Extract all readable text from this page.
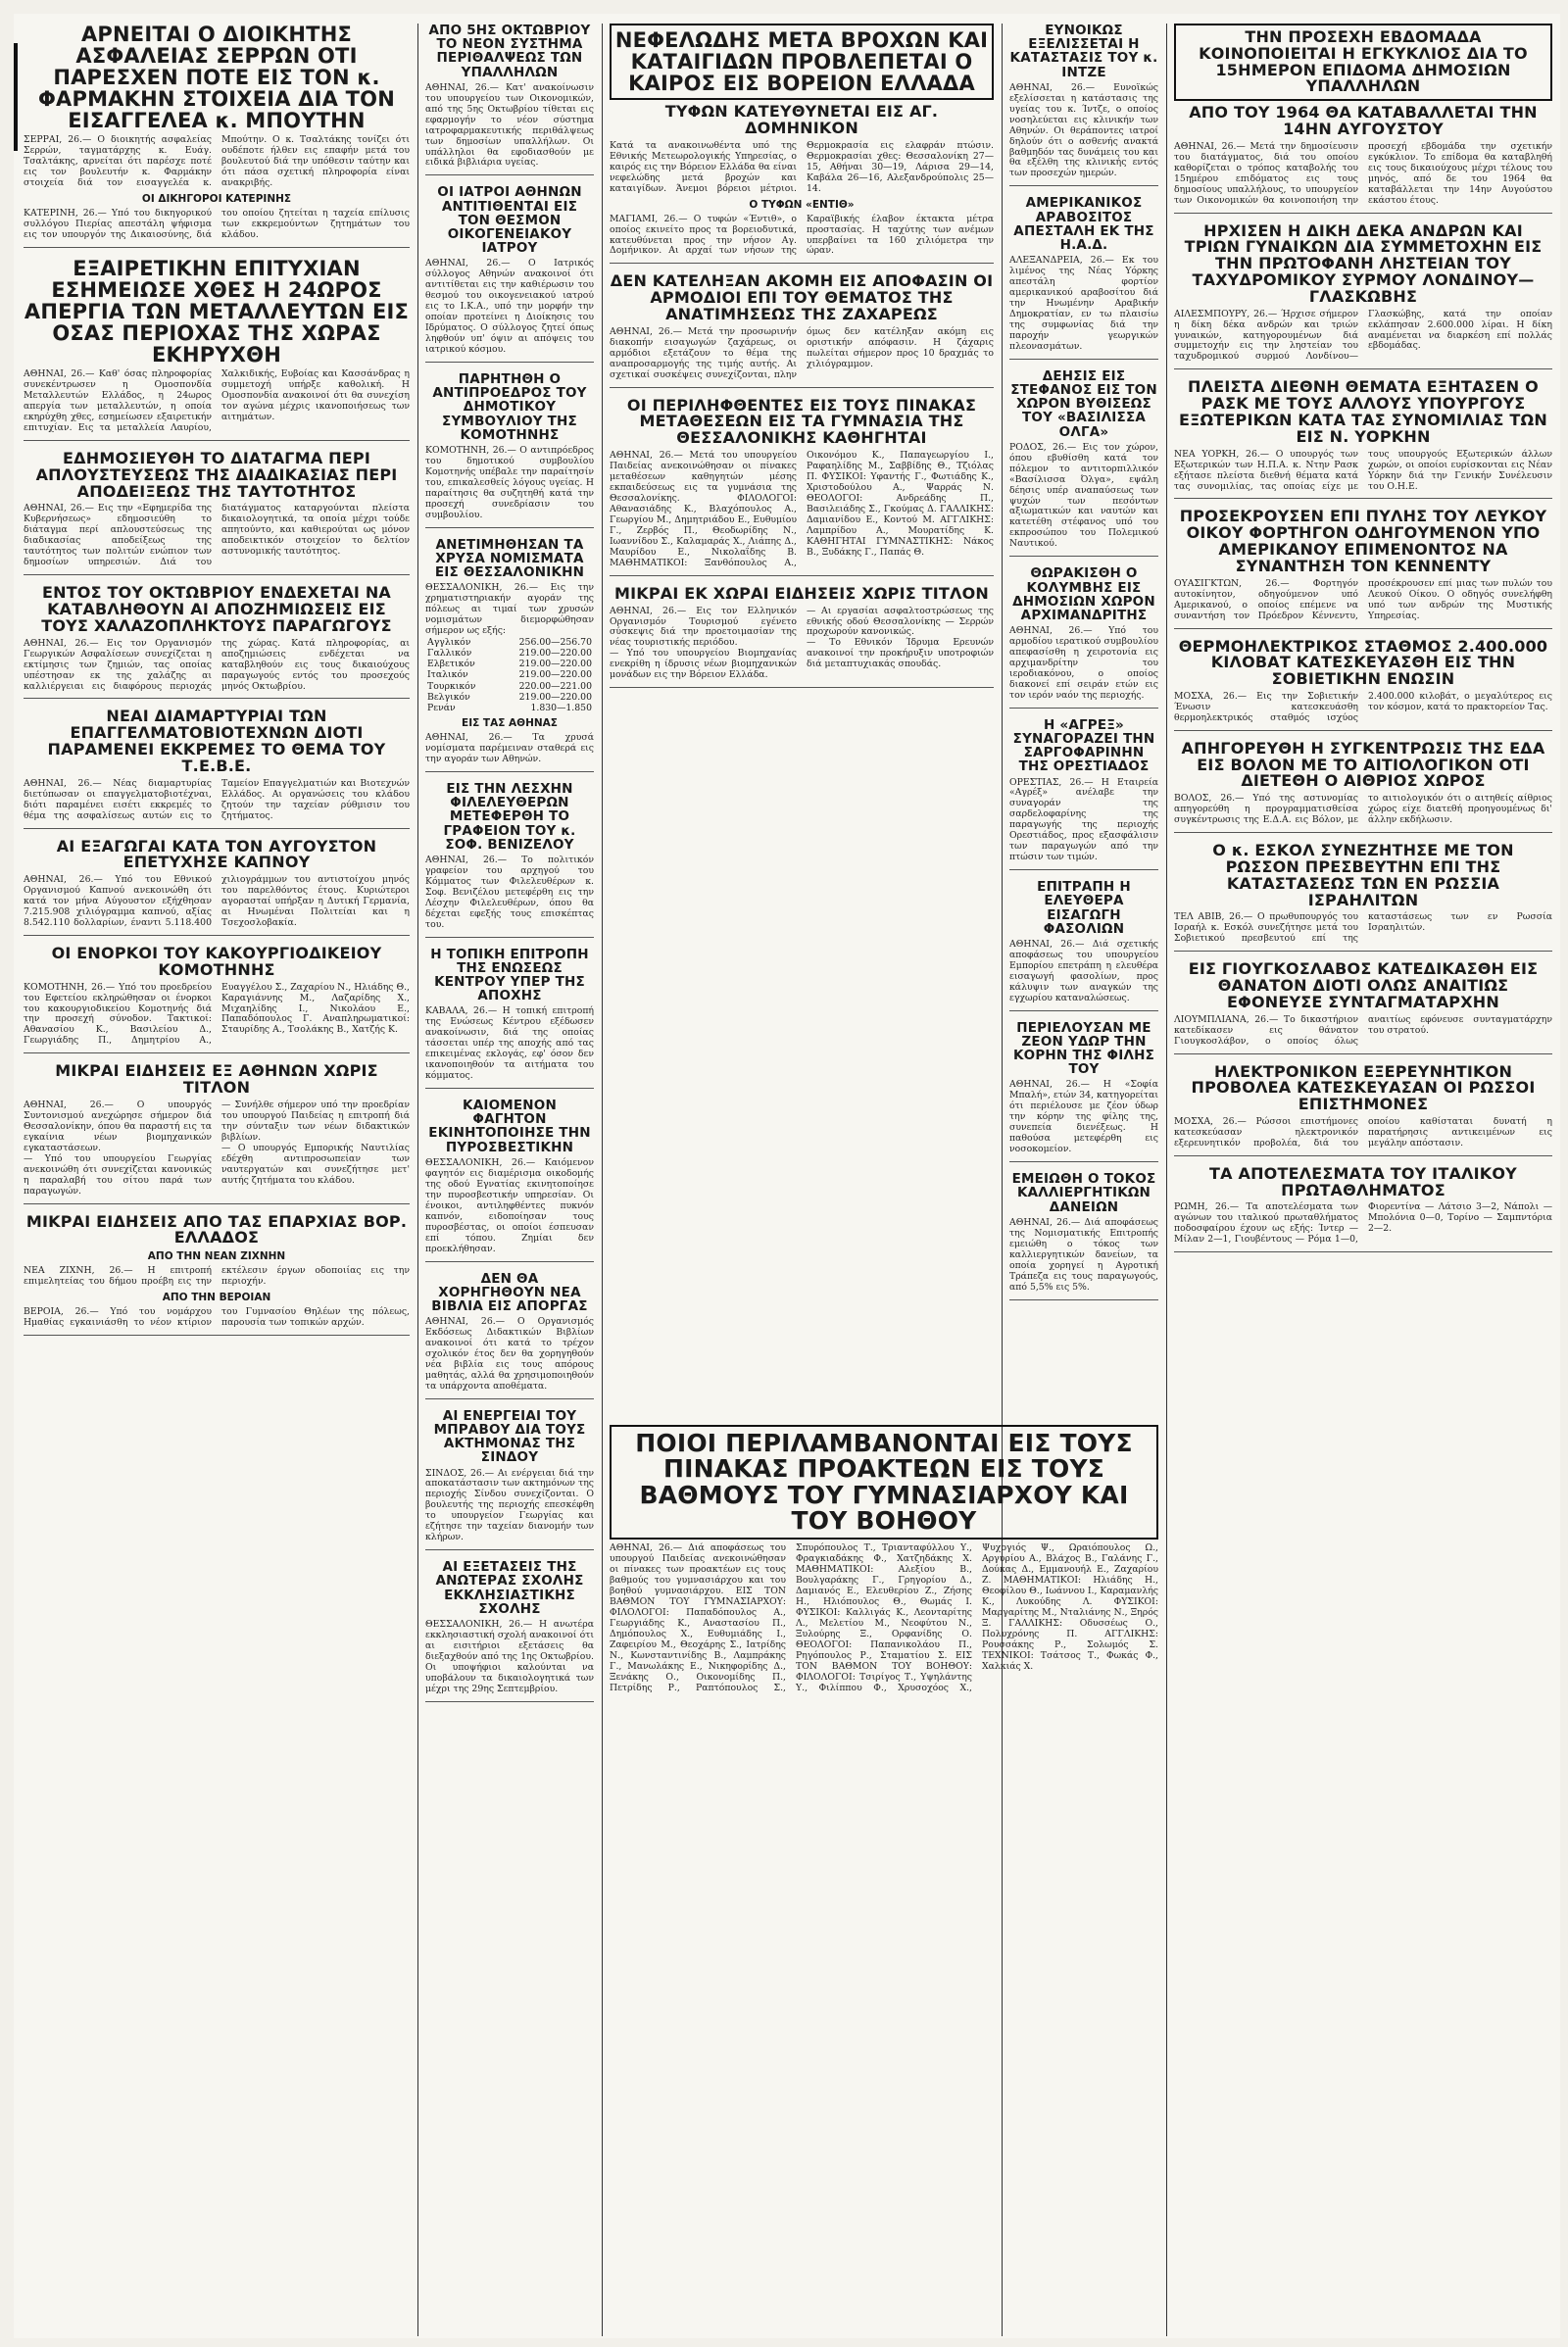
ΑΡΝΕΙΤΑΙ Ο ΔΙΟΙΚΗΤΗΣ ΑΣΦΑΛΕΙΑΣ ΣΕΡΡΩΝ ΟΤΙ ΠΑΡΕΣΧΕΝ ΠΟΤΕ ΕΙΣ ΤΟΝ κ. ΦΑΡΜΑΚΗΝ ΣΤΟΙΧΕΙΑ ΔΙΑ ΤΟΝ ΕΙΣΑΓΓΕΛΕΑ κ. ΜΠΟΥΤΗΝ

ΣΕΡΡΑΙ, 26.— Ο διοικητής ασφαλείας Σερρών, ταγματάρχης κ. Ευάγ. Τσαλτάκης, αρνείται ότι παρέσχε ποτέ εις τον βουλευτήν κ. Φαρμάκην στοιχεία διά τον εισαγγελέα κ. Μπούτην. Ο κ. Τσαλτάκης τονίζει ότι ουδέποτε ήλθεν εις επαφήν μετά του βουλευτού διά την υπόθεσιν ταύτην και ότι πάσα σχετική πληροφορία είναι ανακριβής.

ΟΙ ΔΙΚΗΓΟΡΟΙ ΚΑΤΕΡΙΝΗΣ

ΚΑΤΕΡΙΝΗ, 26.— Υπό του δικηγορικού συλλόγου Πιερίας απεστάλη ψήφισμα εις τον υπουργόν της Δικαιοσύνης, διά του οποίου ζητείται η ταχεία επίλυσις των εκκρεμούντων ζητημάτων του κλάδου.

ΕΞΑΙΡΕΤΙΚΗΝ ΕΠΙΤΥΧΙΑΝ ΕΣΗΜΕΙΩΣΕ ΧΘΕΣ Η 24ΩΡΟΣ ΑΠΕΡΓΙΑ ΤΩΝ ΜΕΤΑΛΛΕΥΤΩΝ ΕΙΣ ΟΣΑΣ ΠΕΡΙΟΧΑΣ ΤΗΣ ΧΩΡΑΣ ΕΚΗΡΥΧΘΗ

ΑΘΗΝΑΙ, 26.— Καθ' όσας πληροφορίας συνεκέντρωσεν η Ομοσπονδία Μεταλλευτών Ελλάδος, η 24ωρος απεργία των μεταλλευτών, η οποία εκηρύχθη χθες, εσημείωσεν εξαιρετικήν επιτυχίαν. Εις τα μεταλλεία Λαυρίου, Χαλκιδικής, Ευβοίας και Κασσάνδρας η συμμετοχή υπήρξε καθολική. Η Ομοσπονδία ανακοινοί ότι θα συνεχίση τον αγώνα μέχρις ικανοποιήσεως των αιτημάτων.

ΕΔΗΜΟΣΙΕΥΘΗ ΤΟ ΔΙΑΤΑΓΜΑ ΠΕΡΙ ΑΠΛΟΥΣΤΕΥΣΕΩΣ ΤΗΣ ΔΙΑΔΙΚΑΣΙΑΣ ΠΕΡΙ ΑΠΟΔΕΙΞΕΩΣ ΤΗΣ ΤΑΥΤΟΤΗΤΟΣ

ΑΘΗΝΑΙ, 26.— Εις την «Εφημερίδα της Κυβερνήσεως» εδημοσιεύθη το διάταγμα περί απλουστεύσεως της διαδικασίας αποδείξεως της ταυτότητος των πολιτών ενώπιον των δημοσίων υπηρεσιών. Διά του διατάγματος καταργούνται πλείστα δικαιολογητικά, τα οποία μέχρι τούδε απητούντο, και καθιερούται ως μόνον αποδεικτικόν στοιχείον το δελτίον αστυνομικής ταυτότητος.

ΕΝΤΟΣ ΤΟΥ ΟΚΤΩΒΡΙΟΥ ΕΝΔΕΧΕΤΑΙ ΝΑ ΚΑΤΑΒΛΗΘΟΥΝ ΑΙ ΑΠΟΖΗΜΙΩΣΕΙΣ ΕΙΣ ΤΟΥΣ ΧΑΛΑΖΟΠΛΗΚΤΟΥΣ ΠΑΡΑΓΩΓΟΥΣ

ΑΘΗΝΑΙ, 26.— Εις τον Οργανισμόν Γεωργικών Ασφαλίσεων συνεχίζεται η εκτίμησις των ζημιών, τας οποίας υπέστησαν εκ της χαλάζης αι καλλιέργειαι εις διαφόρους περιοχάς της χώρας. Κατά πληροφορίας, αι αποζημιώσεις ενδέχεται να καταβληθούν εις τους δικαιούχους παραγωγούς εντός του προσεχούς μηνός Οκτωβρίου.

ΝΕΑΙ ΔΙΑΜΑΡΤΥΡΙΑΙ ΤΩΝ ΕΠΑΓΓΕΛΜΑΤΟΒΙΟΤΕΧΝΩΝ ΔΙΟΤΙ ΠΑΡΑΜΕΝΕΙ ΕΚΚΡΕΜΕΣ ΤΟ ΘΕΜΑ ΤΟΥ Τ.Ε.Β.Ε.

ΑΘΗΝΑΙ, 26.— Νέας διαμαρτυρίας διετύπωσαν οι επαγγελματοβιοτέχναι, διότι παραμένει εισέτι εκκρεμές το θέμα της ασφαλίσεως αυτών εις το Ταμείον Επαγγελματιών και Βιοτεχνών Ελλάδος. Αι οργανώσεις του κλάδου ζητούν την ταχείαν ρύθμισιν του ζητήματος.

ΑΙ ΕΞΑΓΩΓΑΙ ΚΑΤΑ ΤΟΝ ΑΥΓΟΥΣΤΟΝ ΕΠΕΤΥΧΗΣΕ ΚΑΠΝΟΥ

ΑΘΗΝΑΙ, 26.— Υπό του Εθνικού Οργανισμού Καπνού ανεκοινώθη ότι κατά τον μήνα Αύγουστον εξήχθησαν 7.215.908 χιλιόγραμμα καπνού, αξίας 8.542.110 δολλαρίων, έναντι 5.118.400 χιλιογράμμων του αντιστοίχου μηνός του παρελθόντος έτους. Κυριώτεροι αγορασταί υπήρξαν η Δυτική Γερμανία, αι Ηνωμέναι Πολιτείαι και η Τσεχοσλοβακία.

ΟΙ ΕΝΟΡΚΟΙ ΤΟΥ ΚΑΚΟΥΡΓΙΟΔΙΚΕΙΟΥ ΚΟΜΟΤΗΝΗΣ

ΚΟΜΟΤΗΝΗ, 26.— Υπό του προεδρείου του Εφετείου εκληρώθησαν οι ένορκοι του κακουργιοδικείου Κομοτηνής διά την προσεχή σύνοδον. Τακτικοί: Αθανασίου Κ., Βασιλείου Δ., Γεωργιάδης Π., Δημητρίου Α., Ευαγγέλου Σ., Ζαχαρίου Ν., Ηλιάδης Θ., Καραγιάννης Μ., Λαζαρίδης Χ., Μιχαηλίδης Ι., Νικολάου Ε., Παπαδόπουλος Γ. Αναπληρωματικοί: Σταυρίδης Α., Τσολάκης Β., Χατζής Κ.

ΜΙΚΡΑΙ ΕΙΔΗΣΕΙΣ ΕΞ ΑΘΗΝΩΝ ΧΩΡΙΣ ΤΙΤΛΟΝ

ΑΘΗΝΑΙ, 26.— Ο υπουργός Συντονισμού ανεχώρησε σήμερον διά Θεσσαλονίκην, όπου θα παραστή εις τα εγκαίνια νέων βιομηχανικών εγκαταστάσεων.
— Υπό του υπουργείου Γεωργίας ανεκοινώθη ότι συνεχίζεται κανονικώς η παραλαβή του σίτου παρά των παραγωγών.
— Συνήλθε σήμερον υπό την προεδρίαν του υπουργού Παιδείας η επιτροπή διά την σύνταξιν των νέων διδακτικών βιβλίων.
— Ο υπουργός Εμπορικής Ναυτιλίας εδέχθη αντιπροσωπείαν των ναυτεργατών και συνεζήτησε μετ' αυτής ζητήματα του κλάδου.

ΜΙΚΡΑΙ ΕΙΔΗΣΕΙΣ ΑΠΟ ΤΑΣ ΕΠΑΡΧΙΑΣ ΒΟΡ. ΕΛΛΑΔΟΣ
ΑΠΟ ΤΗΝ ΝΕΑΝ ΖΙΧΝΗΝ

ΝΕΑ ΖΙΧΝΗ, 26.— Η επιτροπή επιμελητείας του δήμου προέβη εις την εκτέλεσιν έργων οδοποιίας εις την περιοχήν.

ΑΠΟ ΤΗΝ ΒΕΡΟΙΑΝ

ΒΕΡΟΙΑ, 26.— Υπό του νομάρχου Ημαθίας εγκαινιάσθη το νέον κτίριον του Γυμνασίου Θηλέων της πόλεως, παρουσία των τοπικών αρχών.

ΑΠΟ 5ΗΣ ΟΚΤΩΒΡΙΟΥ ΤΟ ΝΕΟΝ ΣΥΣΤΗΜΑ ΠΕΡΙΘΑΛΨΕΩΣ ΤΩΝ ΥΠΑΛΛΗΛΩΝ

ΑΘΗΝΑΙ, 26.— Κατ' ανακοίνωσιν του υπουργείου των Οικονομικών, από της 5ης Οκτωβρίου τίθεται εις εφαρμογήν το νέον σύστημα ιατροφαρμακευτικής περιθάλψεως των δημοσίων υπαλλήλων. Οι υπάλληλοι θα εφοδιασθούν με ειδικά βιβλιάρια υγείας.

ΟΙ ΙΑΤΡΟΙ ΑΘΗΝΩΝ ΑΝΤΙΤΙΘΕΝΤΑΙ ΕΙΣ ΤΟΝ ΘΕΣΜΟΝ ΟΙΚΟΓΕΝΕΙΑΚΟΥ ΙΑΤΡΟΥ

ΑΘΗΝΑΙ, 26.— Ο Ιατρικός σύλλογος Αθηνών ανακοινοί ότι αντιτίθεται εις την καθιέρωσιν του θεσμού του οικογενειακού ιατρού εις το Ι.Κ.Α., υπό την μορφήν την οποίαν προτείνει η Διοίκησις του Ιδρύματος. Ο σύλλογος ζητεί όπως ληφθούν υπ' όψιν αι απόψεις του ιατρικού κόσμου.

ΠΑΡΗΤΗΘΗ Ο ΑΝΤΙΠΡΟΕΔΡΟΣ ΤΟΥ ΔΗΜΟΤΙΚΟΥ ΣΥΜΒΟΥΛΙΟΥ ΤΗΣ ΚΟΜΟΤΗΝΗΣ

ΚΟΜΟΤΗΝΗ, 26.— Ο αντιπρόεδρος του δημοτικού συμβουλίου Κομοτηνής υπέβαλε την παραίτησίν του, επικαλεσθείς λόγους υγείας. Η παραίτησις θα συζητηθή κατά την προσεχή συνεδρίασιν του συμβουλίου.

ΑΝΕΤΙΜΗΘΗΣΑΝ ΤΑ ΧΡΥΣΑ ΝΟΜΙΣΜΑΤΑ ΕΙΣ ΘΕΣΣΑΛΟΝΙΚΗΝ

ΘΕΣΣΑΛΟΝΙΚΗ, 26.— Εις την χρηματιστηριακήν αγοράν της πόλεως αι τιμαί των χρυσών νομισμάτων διεμορφώθησαν σήμερον ως εξής:

Αγγλικόν	256.00—256.70
Γαλλικόν	219.00—220.00
Ελβετικόν	219.00—220.00
Ιταλικόν	219.00—220.00
Τουρκικόν	220.00—221.00
Βελγικόν	219.00—220.00
Ρενάν	1.830—1.850
ΕΙΣ ΤΑΣ ΑΘΗΝΑΣ

ΑΘΗΝΑΙ, 26.— Τα χρυσά νομίσματα παρέμειναν σταθερά εις την αγοράν των Αθηνών.

ΕΙΣ ΤΗΝ ΛΕΣΧΗΝ ΦΙΛΕΛΕΥΘΕΡΩΝ ΜΕΤΕΦΕΡΘΗ ΤΟ ΓΡΑΦΕΙΟΝ ΤΟΥ κ. ΣΟΦ. ΒΕΝΙΖΕΛΟΥ

ΑΘΗΝΑΙ, 26.— Το πολιτικόν γραφείον του αρχηγού του Κόμματος των Φιλελευθέρων κ. Σοφ. Βενιζέλου μετεφέρθη εις την Λέσχην Φιλελευθέρων, όπου θα δέχεται εφεξής τους επισκέπτας του.

Η ΤΟΠΙΚΗ ΕΠΙΤΡΟΠΗ ΤΗΣ ΕΝΩΣΕΩΣ ΚΕΝΤΡΟΥ ΥΠΕΡ ΤΗΣ ΑΠΟΧΗΣ

ΚΑΒΑΛΑ, 26.— Η τοπική επιτροπή της Ενώσεως Κέντρου εξέδωσεν ανακοίνωσιν, διά της οποίας τάσσεται υπέρ της αποχής από τας επικειμένας εκλογάς, εφ' όσον δεν ικανοποιηθούν τα αιτήματα του κόμματος.

ΚΑΙΟΜΕΝΟΝ ΦΑΓΗΤΟΝ ΕΚΙΝΗΤΟΠΟΙΗΣΕ ΤΗΝ ΠΥΡΟΣΒΕΣΤΙΚΗΝ

ΘΕΣΣΑΛΟΝΙΚΗ, 26.— Καιόμενον φαγητόν εις διαμέρισμα οικοδομής της οδού Εγνατίας εκινητοποίησε την πυροσβεστικήν υπηρεσίαν. Οι ένοικοι, αντιληφθέντες πυκνόν καπνόν, ειδοποίησαν τους πυροσβέστας, οι οποίοι έσπευσαν επί τόπου. Ζημίαι δεν προεκλήθησαν.

ΔΕΝ ΘΑ ΧΟΡΗΓΗΘΟΥΝ ΝΕΑ ΒΙΒΛΙΑ ΕΙΣ ΑΠΟΡΓΑΣ

ΑΘΗΝΑΙ, 26.— Ο Οργανισμός Εκδόσεως Διδακτικών Βιβλίων ανακοινοί ότι κατά το τρέχον σχολικόν έτος δεν θα χορηγηθούν νέα βιβλία εις τους απόρους μαθητάς, αλλά θα χρησιμοποιηθούν τα υπάρχοντα αποθέματα.

ΑΙ ΕΝΕΡΓΕΙΑΙ ΤΟΥ ΜΠΡΑΒΟΥ ΔΙΑ ΤΟΥΣ ΑΚΤΗΜΟΝΑΣ ΤΗΣ ΣΙΝΔΟΥ

ΣΙΝΔΟΣ, 26.— Αι ενέργειαι διά την αποκατάστασιν των ακτημόνων της περιοχής Σίνδου συνεχίζονται. Ο βουλευτής της περιοχής επεσκέφθη το υπουργείον Γεωργίας και εζήτησε την ταχείαν διανομήν των κλήρων.

ΑΙ ΕΞΕΤΑΣΕΙΣ ΤΗΣ ΑΝΩΤΕΡΑΣ ΣΧΟΛΗΣ ΕΚΚΛΗΣΙΑΣΤΙΚΗΣ ΣΧΟΛΗΣ

ΘΕΣΣΑΛΟΝΙΚΗ, 26.— Η ανωτέρα εκκλησιαστική σχολή ανακοινοί ότι αι εισιτήριοι εξετάσεις θα διεξαχθούν από της 1ης Οκτωβρίου. Οι υποψήφιοι καλούνται να υποβάλουν τα δικαιολογητικά των μέχρι της 29ης Σεπτεμβρίου.

ΝΕΦΕΛΩΔΗΣ ΜΕΤΑ ΒΡΟΧΩΝ ΚΑΙ ΚΑΤΑΙΓΙΔΩΝ ΠΡΟΒΛΕΠΕΤΑΙ Ο ΚΑΙΡΟΣ ΕΙΣ ΒΟΡΕΙΟΝ ΕΛΛΑΔΑ
ΤΥΦΩΝ ΚΑΤΕΥΘΥΝΕΤΑΙ ΕΙΣ ΑΓ. ΔΟΜΗΝΙΚΟΝ

Κατά τα ανακοινωθέντα υπό της Εθνικής Μετεωρολογικής Υπηρεσίας, ο καιρός εις την Βόρειον Ελλάδα θα είναι νεφελώδης μετά βροχών και καταιγίδων. Άνεμοι βόρειοι μέτριοι. Θερμοκρασία εις ελαφράν πτώσιν. Θερμοκρασίαι χθες: Θεσσαλονίκη 27—15, Αθήναι 30—19, Λάρισα 29—14, Καβάλα 26—16, Αλεξανδρούπολις 25—14.

Ο ΤΥΦΩΝ «ΕΝΤΙΘ»

ΜΑΓΙΑΜΙ, 26.— Ο τυφών «Έντιθ», ο οποίος εκινείτο προς τα βορειοδυτικά, κατευθύνεται προς την νήσον Αγ. Δομήνικον. Αι αρχαί των νήσων της Καραϊβικής έλαβον έκτακτα μέτρα προστασίας. Η ταχύτης των ανέμων υπερβαίνει τα 160 χιλιόμετρα την ώραν.

ΔΕΝ ΚΑΤΕΛΗΞΑΝ ΑΚΟΜΗ ΕΙΣ ΑΠΟΦΑΣΙΝ ΟΙ ΑΡΜΟΔΙΟΙ ΕΠΙ ΤΟΥ ΘΕΜΑΤΟΣ ΤΗΣ ΑΝΑΤΙΜΗΣΕΩΣ ΤΗΣ ΖΑΧΑΡΕΩΣ

ΑΘΗΝΑΙ, 26.— Μετά την προσωρινήν διακοπήν εισαγωγών ζαχάρεως, οι αρμόδιοι εξετάζουν το θέμα της αναπροσαρμογής της τιμής αυτής. Αι σχετικαί συσκέψεις συνεχίζονται, πλην όμως δεν κατέληξαν ακόμη εις οριστικήν απόφασιν. Η ζάχαρις πωλείται σήμερον προς 10 δραχμάς το χιλιόγραμμον.

ΟΙ ΠΕΡΙΛΗΦΘΕΝΤΕΣ ΕΙΣ ΤΟΥΣ ΠΙΝΑΚΑΣ ΜΕΤΑΘΕΣΕΩΝ ΕΙΣ ΤΑ ΓΥΜΝΑΣΙΑ ΤΗΣ ΘΕΣΣΑΛΟΝΙΚΗΣ ΚΑΘΗΓΗΤΑΙ

ΑΘΗΝΑΙ, 26.— Μετά του υπουργείου Παιδείας ανεκοινώθησαν οι πίνακες μεταθέσεων καθηγητών μέσης εκπαιδεύσεως εις τα γυμνάσια της Θεσσαλονίκης. ΦΙΛΟΛΟΓΟΙ: Αθανασιάδης Κ., Βλαχόπουλος Α., Γεωργίου Μ., Δημητριάδου Ε., Ευθυμίου Γ., Ζερβός Π., Θεοδωρίδης Ν., Ιωαννίδου Σ., Καλαμαράς Χ., Λιάπης Δ., Μαυρίδου Ε., Νικολαΐδης Β. ΜΑΘΗΜΑΤΙΚΟΙ: Ξανθόπουλος Α., Οικονόμου Κ., Παπαγεωργίου Ι., Ραφαηλίδης Μ., Σαββίδης Θ., Τζιόλας Π. ΦΥΣΙΚΟΙ: Υφαντής Γ., Φωτιάδης Κ., Χριστοδούλου Α., Ψαρράς Ν. ΘΕΟΛΟΓΟΙ: Ανδρεάδης Π., Βασιλειάδης Σ., Γκούμας Δ. ΓΑΛΛΙΚΗΣ: Δαμιανίδου Ε., Κοντού Μ. ΑΓΓΛΙΚΗΣ: Λαμπρίδου Α., Μουρατίδης Κ. ΚΑΘΗΓΗΤΑΙ ΓΥΜΝΑΣΤΙΚΗΣ: Νάκος Β., Ξυδάκης Γ., Παπάς Θ.

ΜΙΚΡΑΙ ΕΚ ΧΩΡΑΙ ΕΙΔΗΣΕΙΣ ΧΩΡΙΣ ΤΙΤΛΟΝ

ΑΘΗΝΑΙ, 26.— Εις τον Ελληνικόν Οργανισμόν Τουρισμού εγένετο σύσκεψις διά την προετοιμασίαν της νέας τουριστικής περιόδου.
— Υπό του υπουργείου Βιομηχανίας ενεκρίθη η ίδρυσις νέων βιομηχανικών μονάδων εις την Βόρειον Ελλάδα.
— Αι εργασίαι ασφαλτοστρώσεως της εθνικής οδού Θεσσαλονίκης — Σερρών προχωρούν κανονικώς.
— Το Εθνικόν Ίδρυμα Ερευνών ανακοινοί την προκήρυξιν υποτροφιών διά μεταπτυχιακάς σπουδάς.

ΕΥΝΟΙΚΩΣ ΕΞΕΛΙΣΣΕΤΑΙ Η ΚΑΤΑΣΤΑΣΙΣ ΤΟΥ κ. ΙΝΤΖΕ

ΑΘΗΝΑΙ, 26.— Ευνοϊκώς εξελίσσεται η κατάστασις της υγείας του κ. Ίντζε, ο οποίος νοσηλεύεται εις κλινικήν των Αθηνών. Οι θεράποντες ιατροί δηλούν ότι ο ασθενής ανακτά βαθμηδόν τας δυνάμεις του και θα εξέλθη της κλινικής εντός των προσεχών ημερών.

ΑΜΕΡΙΚΑΝΙΚΟΣ ΑΡΑΒΟΣΙΤΟΣ ΑΠΕΣΤΑΛΗ ΕΚ ΤΗΣ Η.Α.Δ.

ΑΛΕΞΑΝΔΡΕΙΑ, 26.— Εκ του λιμένος της Νέας Υόρκης απεστάλη φορτίον αμερικανικού αραβοσίτου διά την Ηνωμένην Αραβικήν Δημοκρατίαν, εν τω πλαισίω της συμφωνίας διά την παροχήν γεωργικών πλεονασμάτων.

ΔΕΗΣΙΣ ΕΙΣ ΣΤΕΦΑΝΟΣ ΕΙΣ ΤΟΝ ΧΩΡΟΝ ΒΥΘΙΣΕΩΣ ΤΟΥ «ΒΑΣΙΛΙΣΣΑ ΟΛΓΑ»

ΡΟΔΟΣ, 26.— Εις τον χώρον, όπου εβυθίσθη κατά τον πόλεμον το αντιτορπιλλικόν «Βασίλισσα Όλγα», εψάλη δέησις υπέρ αναπαύσεως των ψυχών των πεσόντων αξιωματικών και ναυτών και κατετέθη στέφανος υπό του εκπροσώπου του Πολεμικού Ναυτικού.

ΘΩΡΑΚΙΣΘΗ Ο ΚΟΛΥΜΒΗΣ ΕΙΣ ΔΗΜΟΣΙΩΝ ΧΩΡΟΝ ΑΡΧΙΜΑΝΔΡΙΤΗΣ

ΑΘΗΝΑΙ, 26.— Υπό του αρμοδίου ιερατικού συμβουλίου απεφασίσθη η χειροτονία εις αρχιμανδρίτην του ιεροδιακόνου, ο οποίος διακονεί επί σειράν ετών εις τον ιερόν ναόν της περιοχής.

Η «ΑΓΡΕΞ» ΣΥΝΑΓΟΡΑΖΕΙ ΤΗΝ ΣΑΡΓΟΦΑΡΙΝΗΝ ΤΗΣ ΟΡΕΣΤΙΑΔΟΣ

ΟΡΕΣΤΙΑΣ, 26.— Η Εταιρεία «Αγρέξ» ανέλαβε την συναγοράν της σαρδελοφαρίνης της παραγωγής της περιοχής Ορεστιάδος, προς εξασφάλισιν των παραγωγών από την πτώσιν των τιμών.

ΕΠΙΤΡΑΠΗ Η ΕΛΕΥΘΕΡΑ ΕΙΣΑΓΩΓΗ ΦΑΣΟΛΙΩΝ

ΑΘΗΝΑΙ, 26.— Διά σχετικής αποφάσεως του υπουργείου Εμπορίου επετράπη η ελευθέρα εισαγωγή φασολίων, προς κάλυψιν των αναγκών της εγχωρίου καταναλώσεως.

ΠΕΡΙΕΛΟΥΣΑΝ ΜΕ ΖΕΟΝ ΥΔΩΡ ΤΗΝ ΚΟΡΗΝ ΤΗΣ ΦΙΛΗΣ ΤΟΥ

ΑΘΗΝΑΙ, 26.— Η «Σοφία Μπαλή», ετών 34, κατηγορείται ότι περιέλουσε με ζέον ύδωρ την κόρην της φίλης της, συνεπεία διενέξεως. Η παθούσα μετεφέρθη εις νοσοκομείον.

ΕΜΕΙΩΘΗ Ο ΤΟΚΟΣ ΚΑΛΛΙΕΡΓΗΤΙΚΩΝ ΔΑΝΕΙΩΝ

ΑΘΗΝΑΙ, 26.— Διά αποφάσεως της Νομισματικής Επιτροπής εμειώθη ο τόκος των καλλιεργητικών δανείων, τα οποία χορηγεί η Αγροτική Τράπεζα εις τους παραγωγούς, από 5,5% εις 5%.

ΠΟΙΟΙ ΠΕΡΙΛΑΜΒΑΝΟΝΤΑΙ ΕΙΣ ΤΟΥΣ ΠΙΝΑΚΑΣ ΠΡΟΑΚΤΕΩΝ ΕΙΣ ΤΟΥΣ ΒΑΘΜΟΥΣ ΤΟΥ ΓΥΜΝΑΣΙΑΡΧΟΥ ΚΑΙ ΤΟΥ ΒΟΗΘΟΥ

ΑΘΗΝΑΙ, 26.— Διά αποφάσεως του υπουργού Παιδείας ανεκοινώθησαν οι πίνακες των προακτέων εις τους βαθμούς του γυμνασιάρχου και του βοηθού γυμνασιάρχου. ΕΙΣ ΤΟΝ ΒΑΘΜΟΝ ΤΟΥ ΓΥΜΝΑΣΙΑΡΧΟΥ: ΦΙΛΟΛΟΓΟΙ: Παπαδόπουλος Α., Γεωργιάδης Κ., Αναστασίου Π., Δημόπουλος Χ., Ευθυμιάδης Ι., Ζαφειρίου Μ., Θεοχάρης Σ., Ιατρίδης Ν., Κωνσταντινίδης Β., Λαμπράκης Γ., Μανωλάκης Ε., Νικηφορίδης Δ., Ξενάκης Ο., Οικονομίδης Π., Πετρίδης Ρ., Ραπτόπουλος Σ., Σπυρόπουλος Τ., Τριανταφύλλου Υ., Φραγκιαδάκης Φ., Χατζηδάκης Χ. ΜΑΘΗΜΑΤΙΚΟΙ: Αλεξίου Β., Βουλγαράκης Γ., Γρηγορίου Δ., Δαμιανός Ε., Ελευθερίου Ζ., Ζήσης Η., Ηλιόπουλος Θ., Θωμάς Ι. ΦΥΣΙΚΟΙ: Καλλιγάς Κ., Λεονταρίτης Λ., Μελετίου Μ., Νεοφύτου Ν., Ξυλούρης Ξ., Ορφανίδης Ο. ΘΕΟΛΟΓΟΙ: Παπανικολάου Π., Ρηγόπουλος Ρ., Σταματίου Σ. ΕΙΣ ΤΟΝ ΒΑΘΜΟΝ ΤΟΥ ΒΟΗΘΟΥ: ΦΙΛΟΛΟΓΟΙ: Τσιρίγος Τ., Υψηλάντης Υ., Φιλίππου Φ., Χρυσοχόος Χ., Ψυχογιός Ψ., Ωραιόπουλος Ω., Αργυρίου Α., Βλάχος Β., Γαλάνης Γ., Δούκας Δ., Εμμανουήλ Ε., Ζαχαρίου Ζ. ΜΑΘΗΜΑΤΙΚΟΙ: Ηλιάδης Η., Θεοφίλου Θ., Ιωάννου Ι., Καραμανλής Κ., Λυκούδης Λ. ΦΥΣΙΚΟΙ: Μαργαρίτης Μ., Νταλιάνης Ν., Ξηρός Ξ. ΓΑΛΛΙΚΗΣ: Οδυσσέως Ο., Πολυχρόνης Π. ΑΓΓΛΙΚΗΣ: Ρουσσάκης Ρ., Σολωμός Σ. ΤΕΧΝΙΚΟΙ: Τσάτσος Τ., Φωκάς Φ., Χαλκιάς Χ.

ΤΗΝ ΠΡΟΣΕΧΗ ΕΒΔΟΜΑΔΑ ΚΟΙΝΟΠΟΙΕΙΤΑΙ Η ΕΓΚΥΚΛΙΟΣ ΔΙΑ ΤΟ 15ΗΜΕΡΟΝ ΕΠΙΔΟΜΑ ΔΗΜΟΣΙΩΝ ΥΠΑΛΛΗΛΩΝ
ΑΠΟ ΤΟΥ 1964 ΘΑ ΚΑΤΑΒΑΛΛΕΤΑΙ ΤΗΝ 14ΗΝ ΑΥΓΟΥΣΤΟΥ

ΑΘΗΝΑΙ, 26.— Μετά την δημοσίευσιν του διατάγματος, διά του οποίου καθορίζεται ο τρόπος καταβολής του 15ημέρου επιδόματος εις τους δημοσίους υπαλλήλους, το υπουργείον των Οικονομικών θα κοινοποιήση την προσεχή εβδομάδα την σχετικήν εγκύκλιον. Το επίδομα θα καταβληθή εις τους δικαιούχους μέχρι τέλους του μηνός, από δε του 1964 θα καταβάλλεται την 14ην Αυγούστου εκάστου έτους.

ΗΡΧΙΣΕΝ Η ΔΙΚΗ ΔΕΚΑ ΑΝΔΡΩΝ ΚΑΙ ΤΡΙΩΝ ΓΥΝΑΙΚΩΝ ΔΙΑ ΣΥΜΜΕΤΟΧΗΝ ΕΙΣ ΤΗΝ ΠΡΩΤΟΦΑΝΗ ΛΗΣΤΕΙΑΝ ΤΟΥ ΤΑΧΥΔΡΟΜΙΚΟΥ ΣΥΡΜΟΥ ΛΟΝΔΙΝΟΥ—ΓΛΑΣΚΩΒΗΣ

ΑΙΛΕΣΜΠΟΥΡΥ, 26.— Ήρχισε σήμερον η δίκη δέκα ανδρών και τριών γυναικών, κατηγορουμένων διά συμμετοχήν εις την ληστείαν του ταχυδρομικού συρμού Λονδίνου—Γλασκώβης, κατά την οποίαν εκλάπησαν 2.600.000 λίραι. Η δίκη αναμένεται να διαρκέση επί πολλάς εβδομάδας.

ΠΛΕΙΣΤΑ ΔΙΕΘΝΗ ΘΕΜΑΤΑ ΕΞΗΤΑΣΕΝ Ο ΡΑΣΚ ΜΕ ΤΟΥΣ ΑΛΛΟΥΣ ΥΠΟΥΡΓΟΥΣ ΕΞΩΤΕΡΙΚΩΝ ΚΑΤΑ ΤΑΣ ΣΥΝΟΜΙΛΙΑΣ ΤΩΝ ΕΙΣ Ν. ΥΟΡΚΗΝ

ΝΕΑ ΥΟΡΚΗ, 26.— Ο υπουργός των Εξωτερικών των Η.Π.Α. κ. Ντην Ρασκ εξήτασε πλείστα διεθνή θέματα κατά τας συνομιλίας, τας οποίας είχε με τους υπουργούς Εξωτερικών άλλων χωρών, οι οποίοι ευρίσκονται εις Νέαν Υόρκην διά την Γενικήν Συνέλευσιν του Ο.Η.Ε.

ΠΡΟΣΕΚΡΟΥΣΕΝ ΕΠΙ ΠΥΛΗΣ ΤΟΥ ΛΕΥΚΟΥ ΟΙΚΟΥ ΦΟΡΤΗΓΟΝ ΟΔΗΓΟΥΜΕΝΟΝ ΥΠΟ ΑΜΕΡΙΚΑΝΟΥ ΕΠΙΜΕΝΟΝΤΟΣ ΝΑ ΣΥΝΑΝΤΗΣΗ ΤΟΝ ΚΕΝΝΕΝΤΥ

ΟΥΑΣΙΓΚΤΩΝ, 26.— Φορτηγόν αυτοκίνητον, οδηγούμενον υπό Αμερικανού, ο οποίος επέμενε να συναντήση τον Πρόεδρον Κέννεντυ, προσέκρουσεν επί μιας των πυλών του Λευκού Οίκου. Ο οδηγός συνελήφθη υπό των ανδρών της Μυστικής Υπηρεσίας.

ΘΕΡΜΟΗΛΕΚΤΡΙΚΟΣ ΣΤΑΘΜΟΣ 2.400.000 ΚΙΛΟΒΑΤ ΚΑΤΕΣΚΕΥΑΣΘΗ ΕΙΣ ΤΗΝ ΣΟΒΙΕΤΙΚΗΝ ΕΝΩΣΙΝ

ΜΟΣΧΑ, 26.— Εις την Σοβιετικήν Ένωσιν κατεσκευάσθη θερμοηλεκτρικός σταθμός ισχύος 2.400.000 κιλοβάτ, ο μεγαλύτερος εις τον κόσμον, κατά το πρακτορείον Τας.

ΑΠΗΓΟΡΕΥΘΗ Η ΣΥΓΚΕΝΤΡΩΣΙΣ ΤΗΣ ΕΔΑ ΕΙΣ ΒΟΛΟΝ ΜΕ ΤΟ ΑΙΤΙΟΛΟΓΙΚΟΝ ΟΤΙ ΔΙΕΤΕΘΗ Ο ΑΙΘΡΙΟΣ ΧΩΡΟΣ

ΒΟΛΟΣ, 26.— Υπό της αστυνομίας απηγορεύθη η προγραμματισθείσα συγκέντρωσις της Ε.Δ.Α. εις Βόλον, με το αιτιολογικόν ότι ο αιτηθείς αίθριος χώρος είχε διατεθή προηγουμένως δι' άλλην εκδήλωσιν.

Ο κ. ΕΣΚΟΛ ΣΥΝΕΖΗΤΗΣΕ ΜΕ ΤΟΝ ΡΩΣΣΟΝ ΠΡΕΣΒΕΥΤΗΝ ΕΠΙ ΤΗΣ ΚΑΤΑΣΤΑΣΕΩΣ ΤΩΝ ΕΝ ΡΩΣΣΙΑ ΙΣΡΑΗΛΙΤΩΝ

ΤΕΛ ΑΒΙΒ, 26.— Ο πρωθυπουργός του Ισραήλ κ. Εσκόλ συνεζήτησε μετά του Σοβιετικού πρεσβευτού επί της καταστάσεως των εν Ρωσσία Ισραηλιτών.

ΕΙΣ ΓΙΟΥΓΚΟΣΛΑΒΟΣ ΚΑΤΕΔΙΚΑΣΘΗ ΕΙΣ ΘΑΝΑΤΟΝ ΔΙΟΤΙ ΟΛΩΣ ΑΝΑΙΤΙΩΣ ΕΦΟΝΕΥΣΕ ΣΥΝΤΑΓΜΑΤΑΡΧΗΝ

ΛΙΟΥΜΠΛΙΑΝΑ, 26.— Το δικαστήριον κατεδίκασεν εις θάνατον Γιουγκοσλάβον, ο οποίος όλως αναιτίως εφόνευσε συνταγματάρχην του στρατού.

ΗΛΕΚΤΡΟΝΙΚΟΝ ΕΞΕΡΕΥΝΗΤΙΚΟΝ ΠΡΟΒΟΛΕΑ ΚΑΤΕΣΚΕΥΑΣΑΝ ΟΙ ΡΩΣΣΟΙ ΕΠΙΣΤΗΜΟΝΕΣ

ΜΟΣΧΑ, 26.— Ρώσσοι επιστήμονες κατεσκεύασαν ηλεκτρονικόν εξερευνητικόν προβολέα, διά του οποίου καθίσταται δυνατή η παρατήρησις αντικειμένων εις μεγάλην απόστασιν.

ΤΑ ΑΠΟΤΕΛΕΣΜΑΤΑ ΤΟΥ ΙΤΑΛΙΚΟΥ ΠΡΩΤΑΘΛΗΜΑΤΟΣ

ΡΩΜΗ, 26.— Τα αποτελέσματα των αγώνων του ιταλικού πρωταθλήματος ποδοσφαίρου έχουν ως εξής: Ίντερ — Μίλαν 2—1, Γιουβέντους — Ρόμα 1—0, Φιορεντίνα — Λάτσιο 3—2, Νάπολι — Μπολόνια 0—0, Τορίνο — Σαμπντόρια 2—2.
